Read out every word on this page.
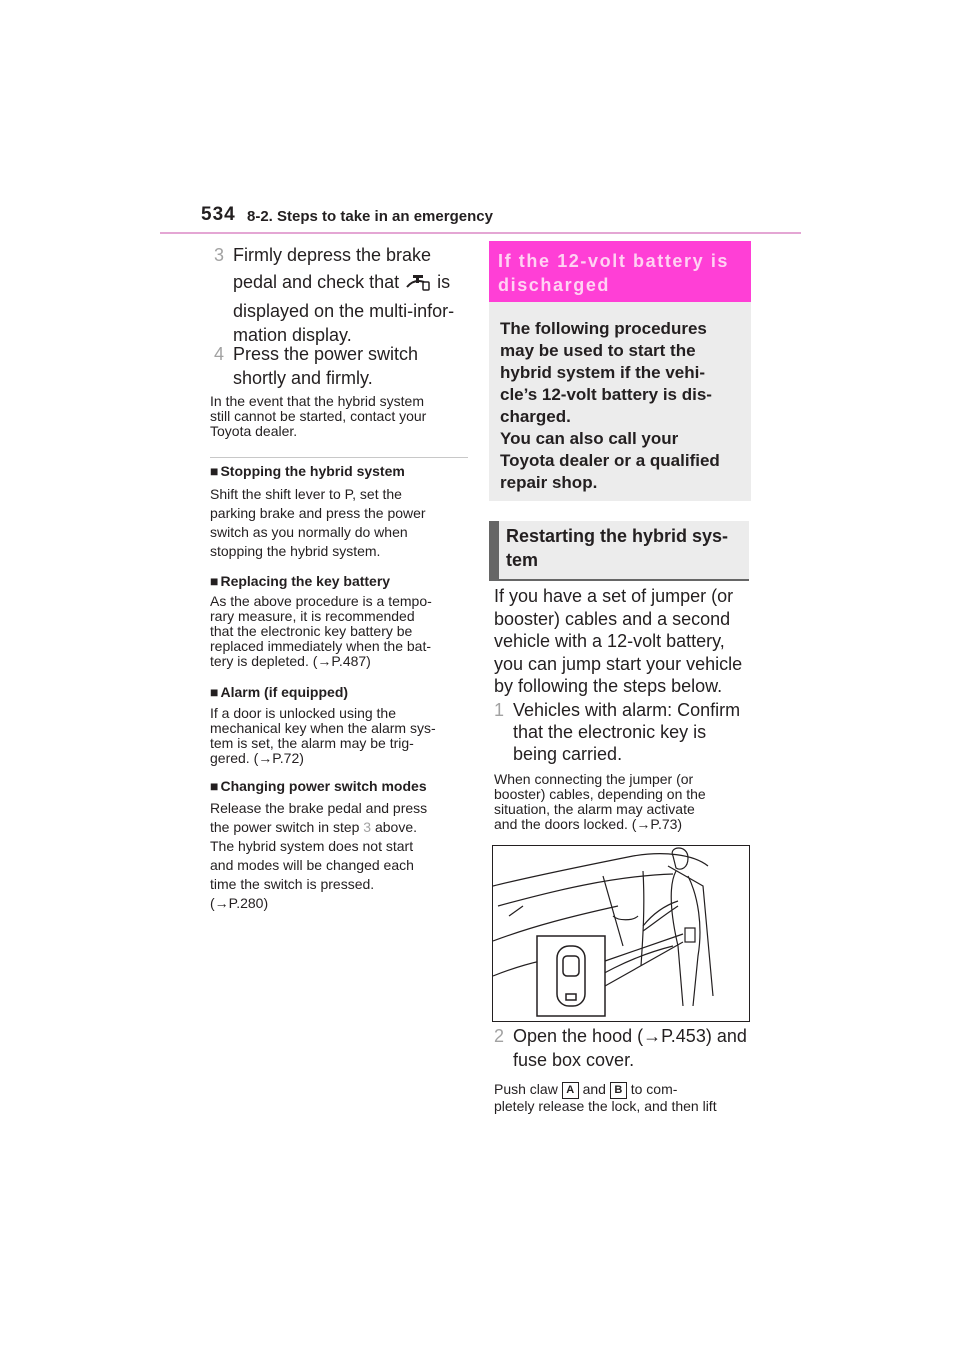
534 8-2. Steps to take in an emergency
3 Firmly depress the brake
pedal and check that is
displayed on the multi-infor-
mation display.
4 Press the power switch
shortly and firmly.
In the event that the hybrid system
still cannot be started, contact your
Toyota dealer.
■ Stopping the hybrid system
Shift the shift lever to P, set the
parking brake and press the power
switch as you normally do when
stopping the hybrid system.
■ Replacing the key battery
As the above procedure is a tempo-
rary measure, it is recommended
that the electronic key battery be
replaced immediately when the bat-
tery is depleted. (→P.487)
■ Alarm (if equipped)
If a door is unlocked using the
mechanical key when the alarm sys-
tem is set, the alarm may be trig-
gered. (→P.72)
■ Changing power switch modes
Release the brake pedal and press
the power switch in step 3 above.
The hybrid system does not start
and modes will be changed each
time the switch is pressed.
(→P.280)
If the 12-volt battery is
discharged
The following procedures
may be used to start the
hybrid system if the vehi-
cle’s 12-volt battery is dis-
charged.
You can also call your
Toyota dealer or a qualified
repair shop.
Restarting the hybrid sys-
tem
If you have a set of jumper (or
booster) cables and a second
vehicle with a 12-volt battery,
you can jump start your vehicle
by following the steps below.
1 Vehicles with alarm: Confirm
that the electronic key is
being carried.
When connecting the jumper (or
booster) cables, depending on the
situation, the alarm may activate
and the doors locked. (→P.73)
2 Open the hood (→P.453) and
fuse box cover.
Push claw A and B to com-
pletely release the lock, and then lift
